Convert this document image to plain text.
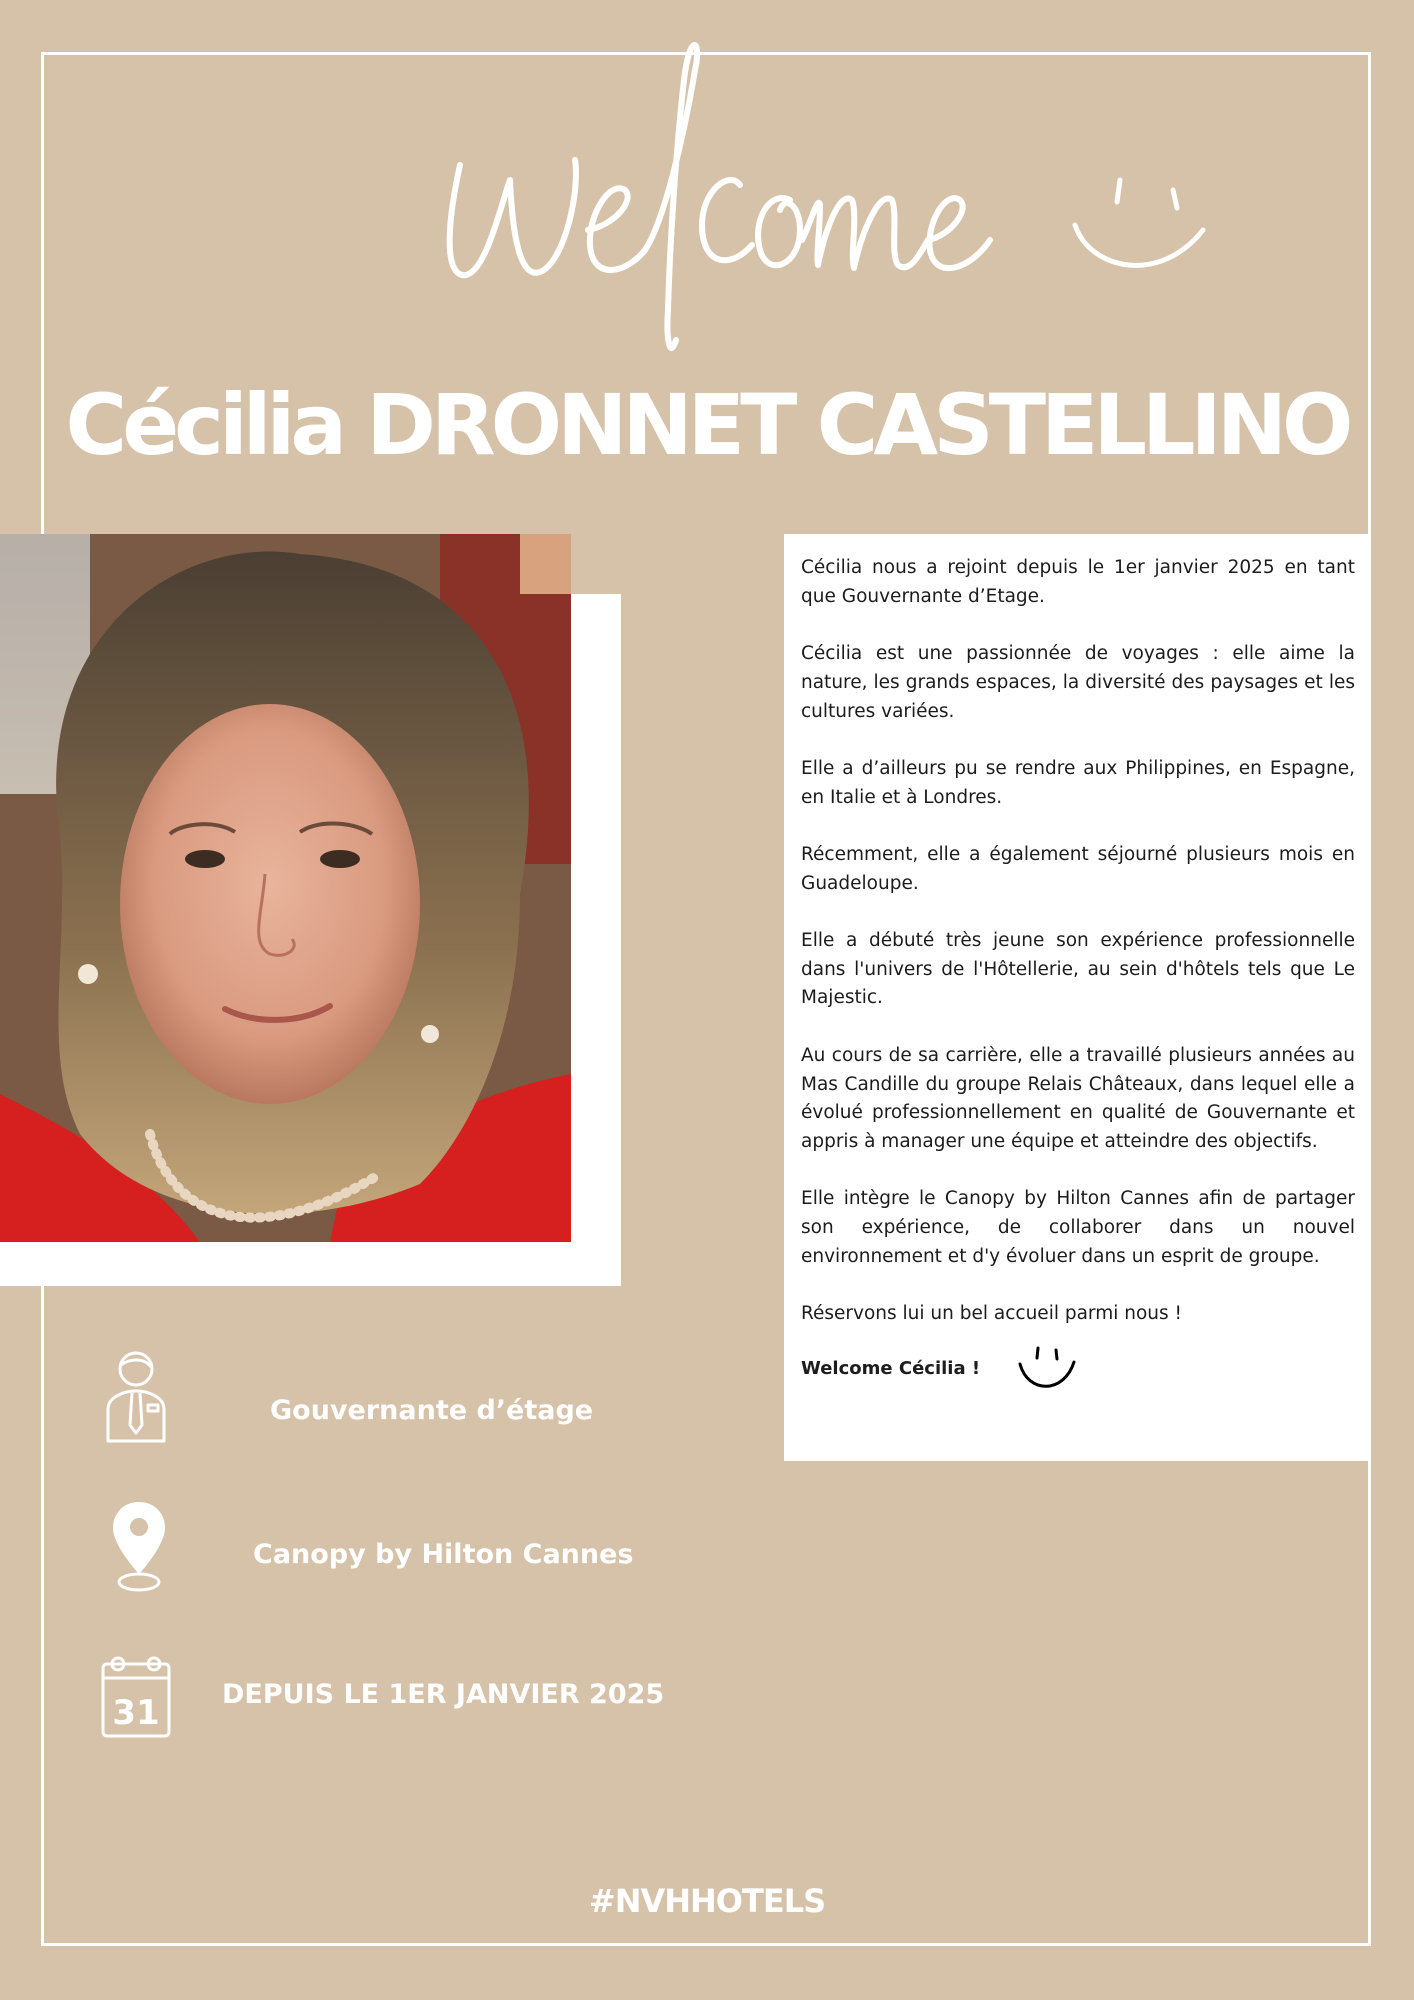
Cécilia DRONNET CASTELLINO

Cécilia nous a rejoint depuis le 1er janvier 2025 en tant que Gouvernante d’Etage.

Cécilia est une passionnée de voyages : elle aime la nature, les grands espaces, la diversité des paysages et les cultures variées.

Elle a d’ailleurs pu se rendre aux Philippines, en Espagne, en Italie et à Londres.

Récemment, elle a également séjourné plusieurs mois en Guadeloupe.

Elle a débuté très jeune son expérience professionnelle dans l'univers de l'Hôtellerie, au sein d'hôtels tels que Le Majestic.

Au cours de sa carrière, elle a travaillé plusieurs années au Mas Candille du groupe Relais Châteaux, dans lequel elle a évolué professionnellement en qualité de Gouvernante et appris à manager une équipe et atteindre des objectifs.

Elle intègre le Canopy by Hilton Cannes afin de partager son expérience, de collaborer dans un nouvel environnement et d'y évoluer dans un esprit de groupe.

Réservons lui un bel accueil parmi nous !

Welcome Cécilia !
Gouvernante d’étage
Canopy by Hilton Cannes
31 DEPUIS LE 1ER JANVIER 2025
#NVHHOTELS
